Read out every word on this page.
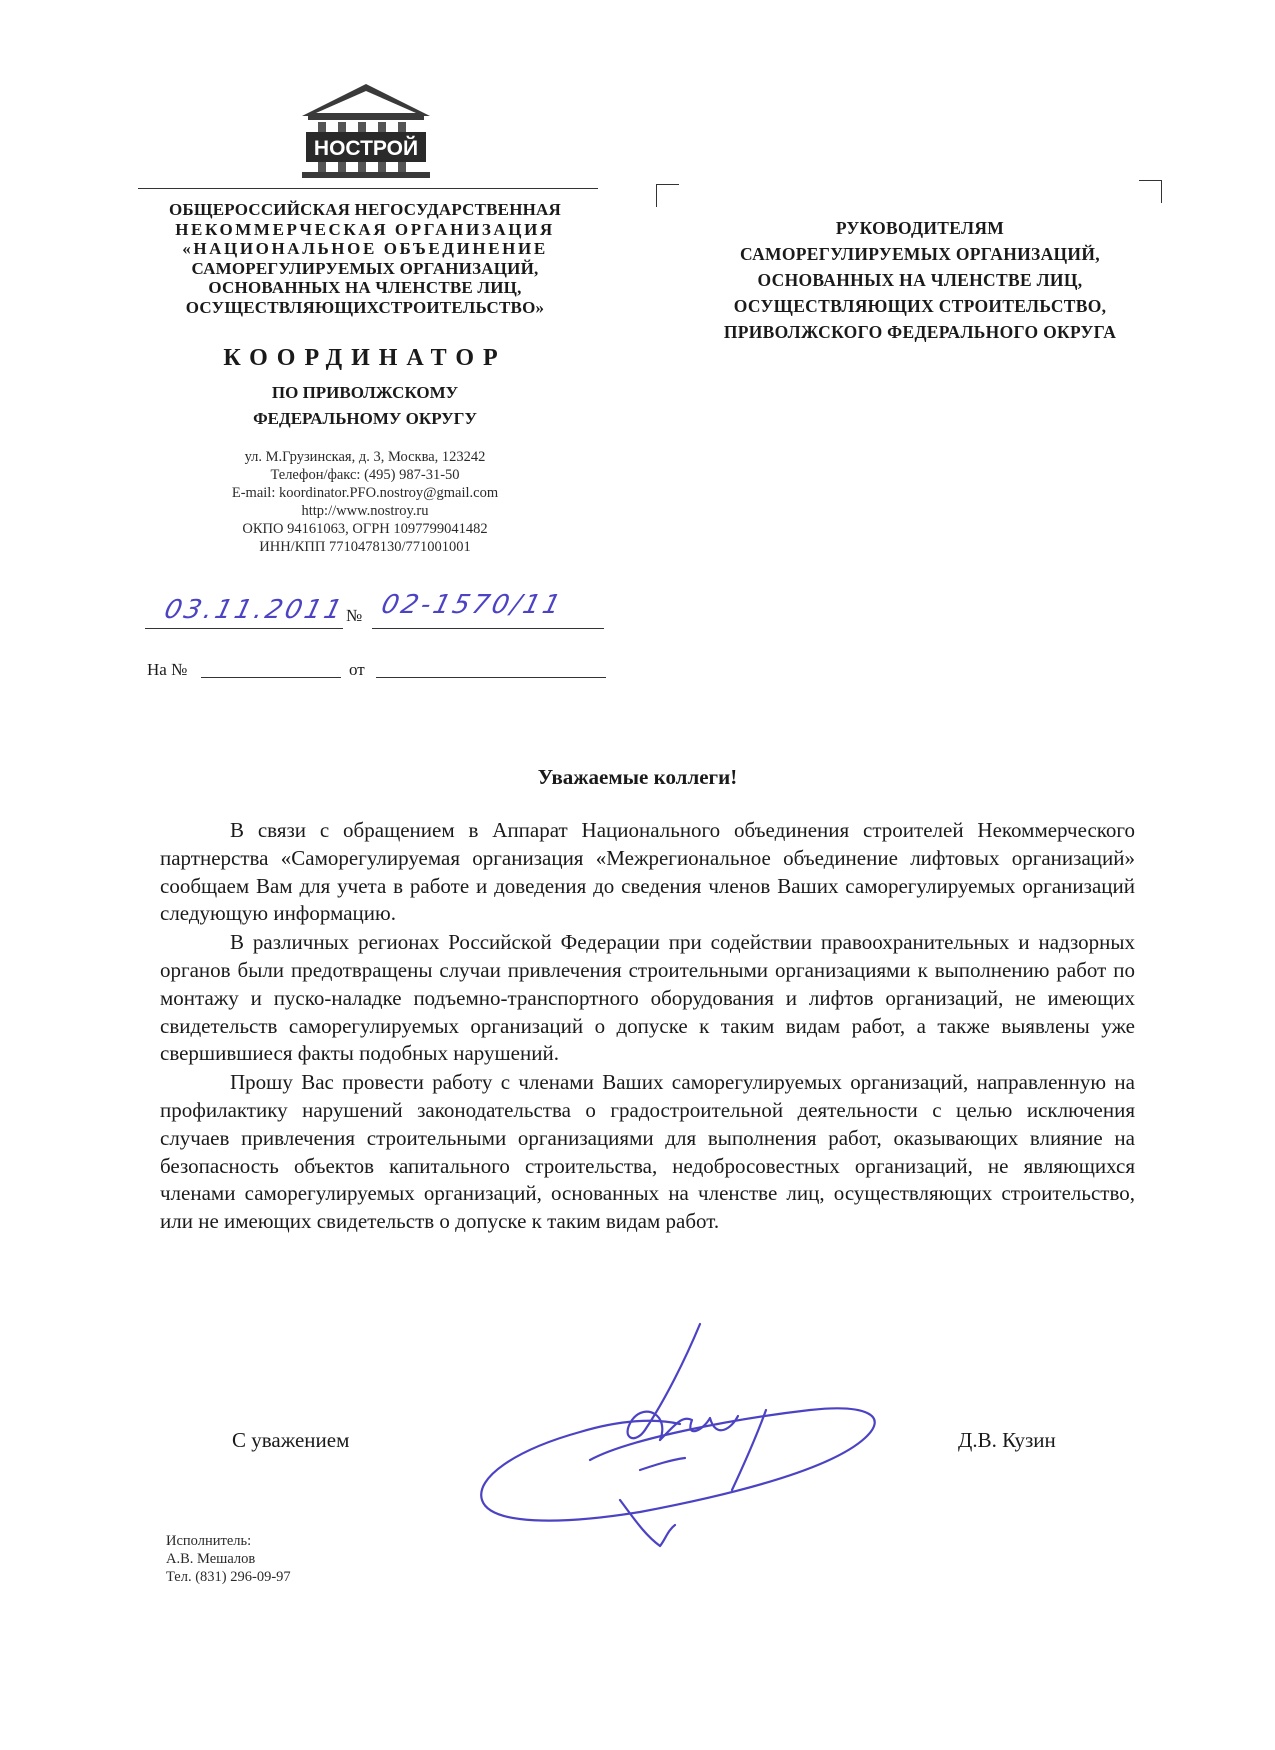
НОСТРОЙ
ОБЩЕРОССИЙСКАЯ НЕГОСУДАРСТВЕННАЯ
НЕКОММЕРЧЕСКАЯ ОРГАНИЗАЦИЯ
«НАЦИОНАЛЬНОЕ ОБЪЕДИНЕНИЕ
САМОРЕГУЛИРУЕМЫХ ОРГАНИЗАЦИЙ,
ОСНОВАННЫХ НА ЧЛЕНСТВЕ ЛИЦ,
ОСУЩЕСТВЛЯЮЩИХСТРОИТЕЛЬСТВО»
КООРДИНАТОР
ПО ПРИВОЛЖСКОМУ
ФЕДЕРАЛЬНОМУ ОКРУГУ
ул. М.Грузинская, д. 3, Москва, 123242
Телефон/факс: (495) 987-31-50
E-mail: koordinator.PFO.nostroy@gmail.com
http://www.nostroy.ru
ОКПО 94161063, ОГРН 1097799041482
ИНН/КПП 7710478130/771001001
03.11.2011
№ 02-1570/11
На №	от
РУКОВОДИТЕЛЯМ
САМОРЕГУЛИРУЕМЫХ ОРГАНИЗАЦИЙ,
ОСНОВАННЫХ НА ЧЛЕНСТВЕ ЛИЦ,
ОСУЩЕСТВЛЯЮЩИХ СТРОИТЕЛЬСТВО,
ПРИВОЛЖСКОГО ФЕДЕРАЛЬНОГО ОКРУГА
Уважаемые коллеги!

В связи с обращением в Аппарат Национального объединения строителей Некоммерческого партнерства «Саморегулируемая организация «Межрегиональное объединение лифтовых организаций» сообщаем Вам для учета в работе и доведения до сведения членов Ваших саморегулируемых организаций следующую информацию.

В различных регионах Российской Федерации при содействии правоохранительных и надзорных органов были предотвращены случаи привлечения строительными организациями к выполнению работ по монтажу и пуско-наладке подъемно-транспортного оборудования и лифтов организаций, не имеющих свидетельств саморегулируемых организаций о допуске к таким видам работ, а также выявлены уже свершившиеся факты подобных нарушений.

Прошу Вас провести работу с членами Ваших саморегулируемых организаций, направленную на профилактику нарушений законодательства о градостроительной деятельности с целью исключения случаев привлечения строительными организациями для выполнения работ, оказывающих влияние на безопасность объектов капитального строительства, недобросовестных организаций, не являющихся членами саморегулируемых организаций, основанных на членстве лиц, осуществляющих строительство, или не имеющих свидетельств о допуске к таким видам работ.

С уважением	Д.В. Кузин
Исполнитель:
А.В. Мешалов
Тел. (831) 296-09-97
